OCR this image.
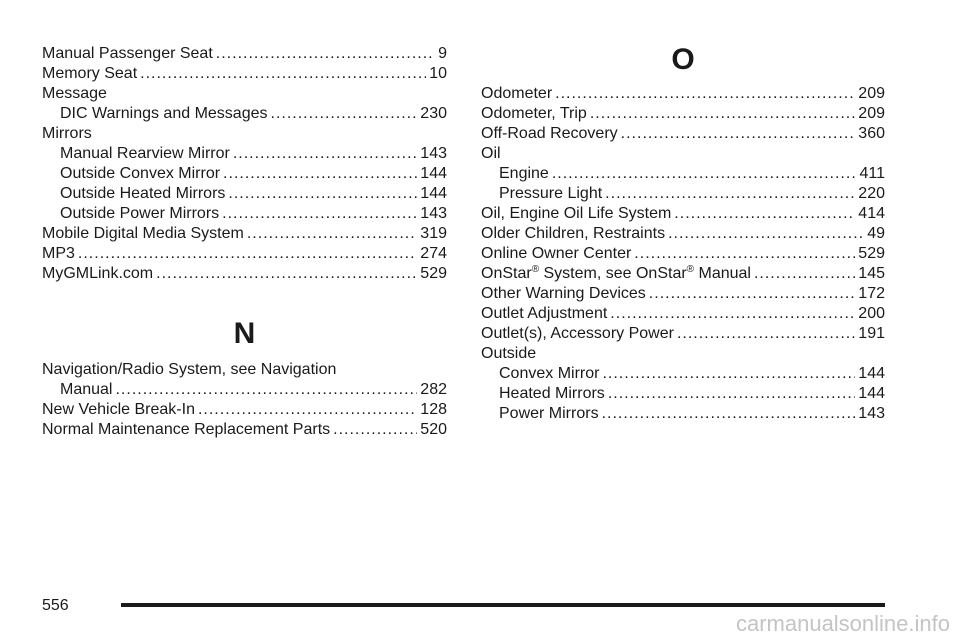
Manual Passenger Seat .....	9
Memory Seat .....	10
Message
DIC Warnings and Messages .....	230
Mirrors
Manual Rearview Mirror .....	143
Outside Convex Mirror .....	144
Outside Heated Mirrors .....	144
Outside Power Mirrors .....	143
Mobile Digital Media System .....	319
MP3 .....	274
MyGMLink.com .....	529
N
Navigation/Radio System, see Navigation
Manual .....	282
New Vehicle Break-In .....	128
Normal Maintenance Replacement Parts .....	520
O
Odometer .....	209
Odometer, Trip .....	209
Off-Road Recovery .....	360
Oil
Engine .....	411
Pressure Light .....	220
Oil, Engine Oil Life System .....	414
Older Children, Restraints .....	49
Online Owner Center .....	529
OnStar® System, see OnStar® Manual .....	145
Other Warning Devices .....	172
Outlet Adjustment .....	200
Outlet(s), Accessory Power .....	191
Outside
Convex Mirror .....	144
Heated Mirrors .....	144
Power Mirrors .....	143
556
carmanualsonline.info
